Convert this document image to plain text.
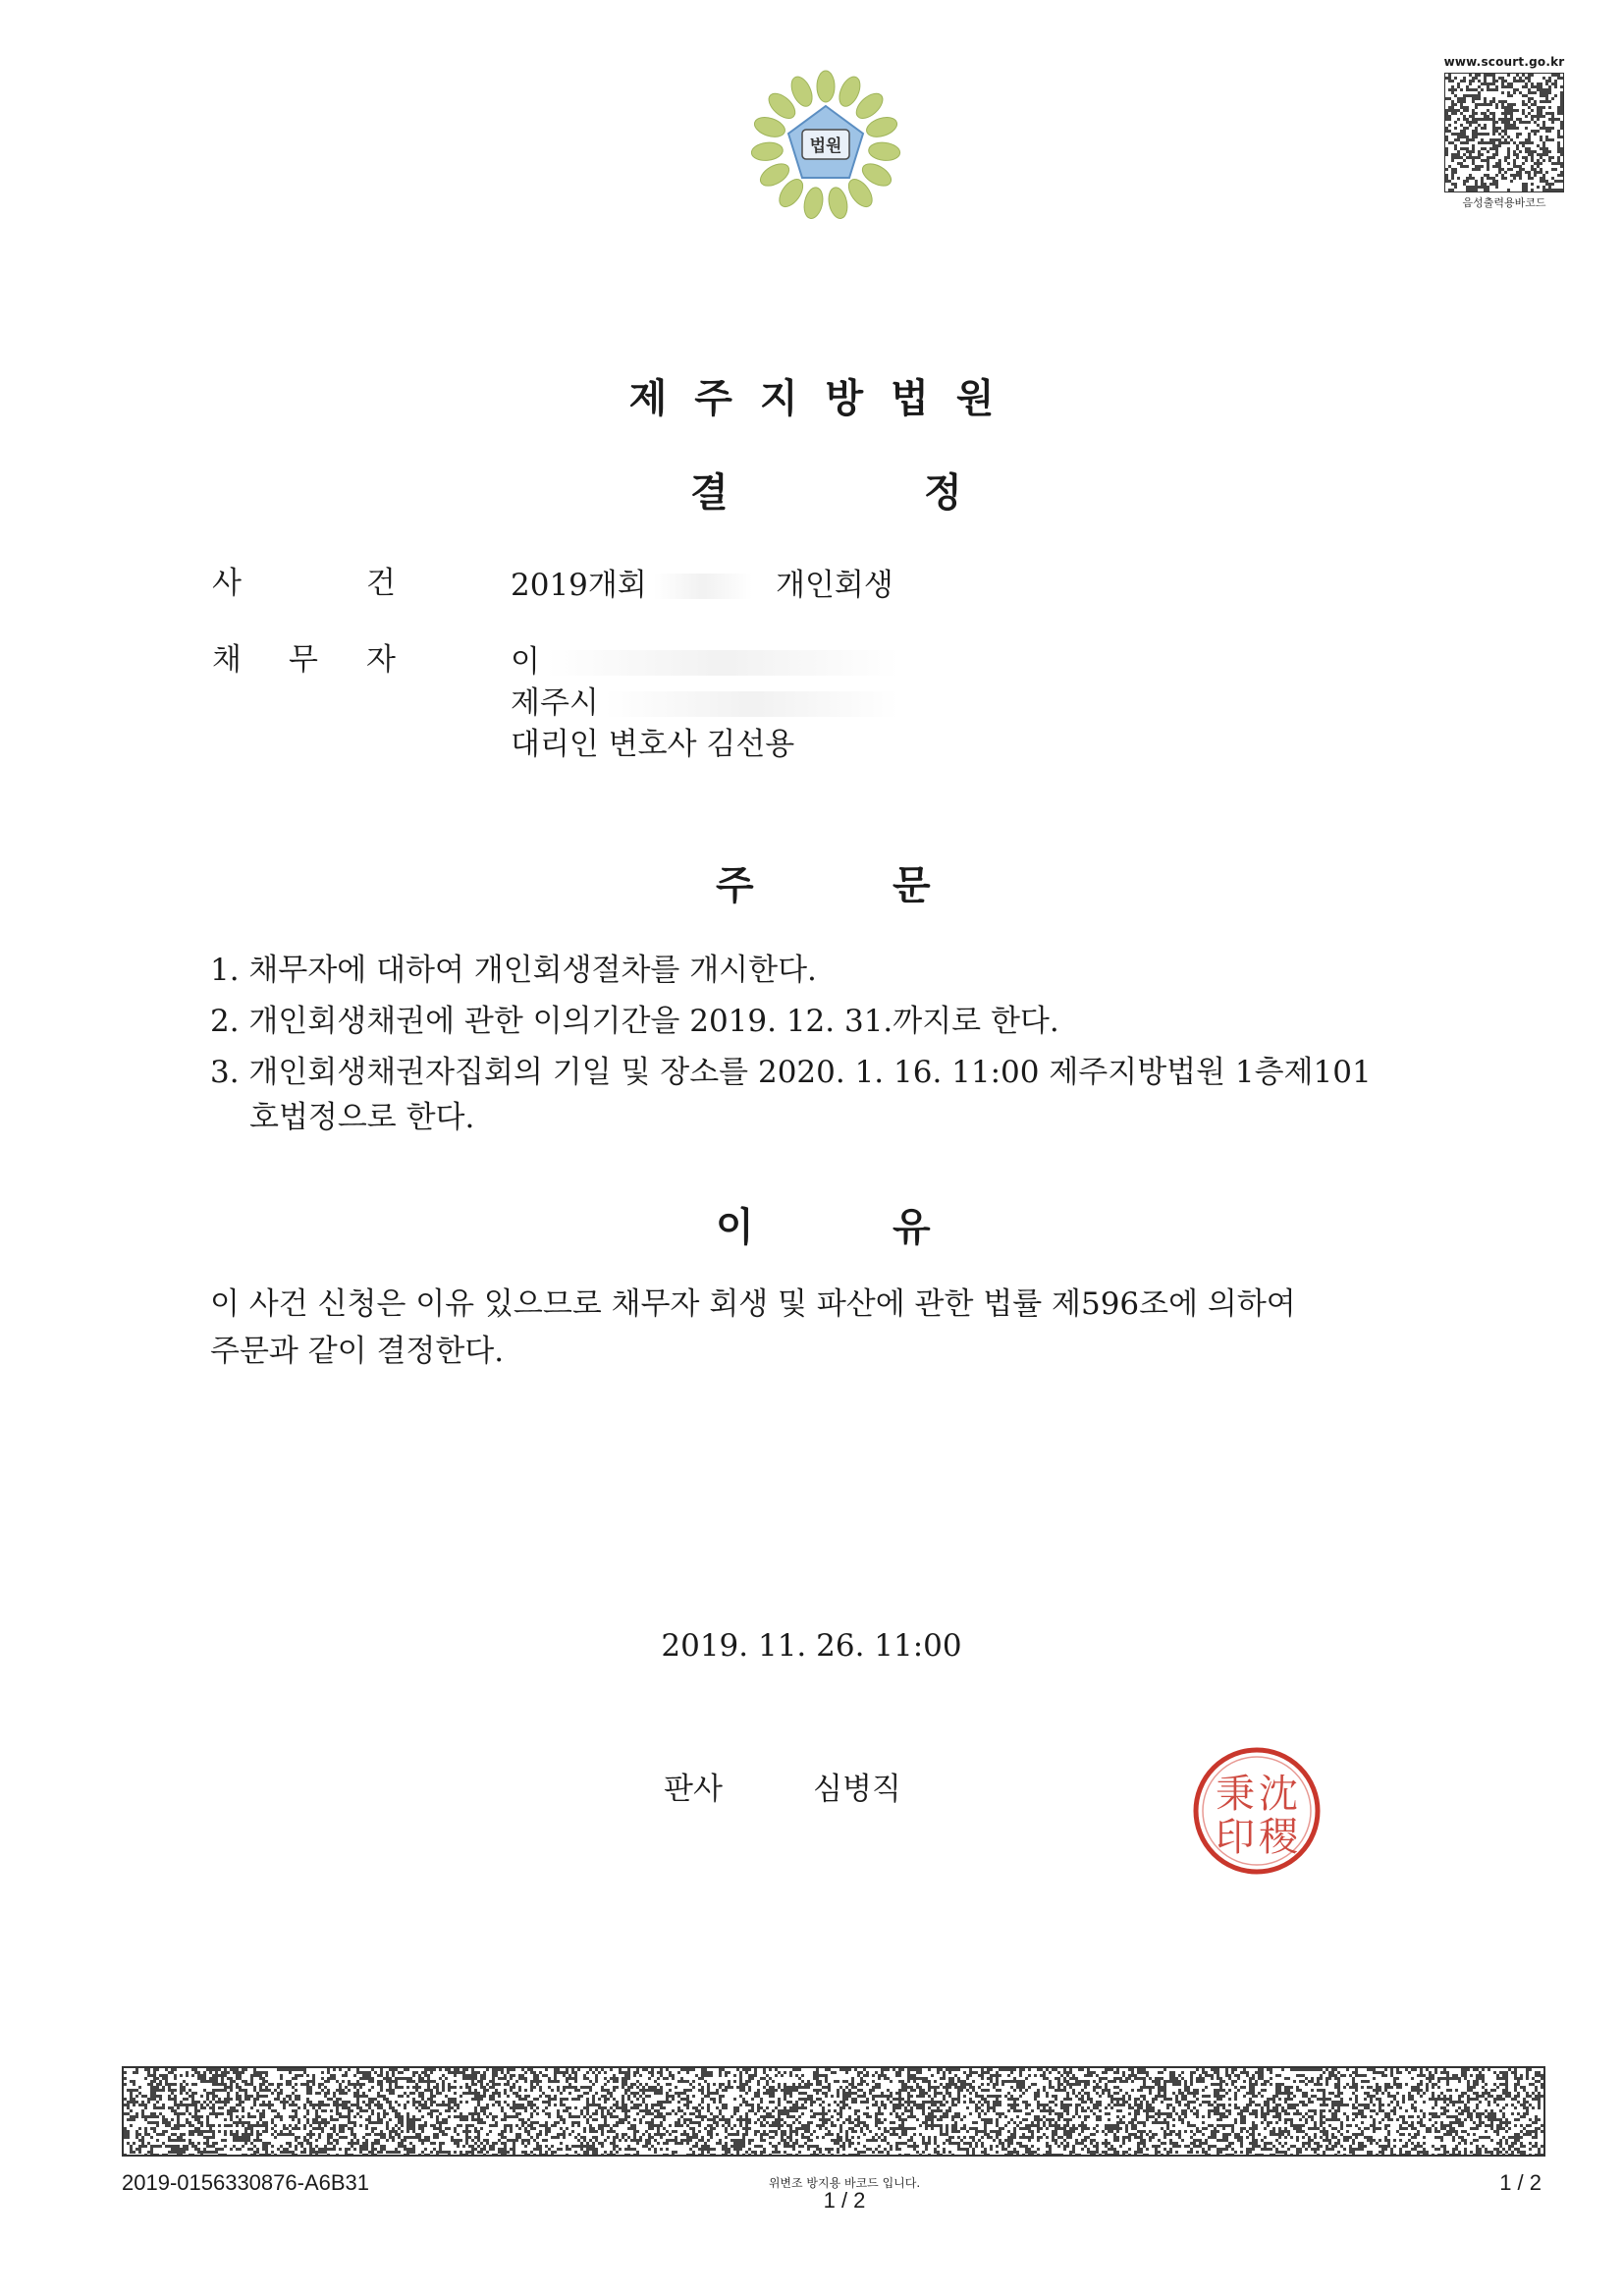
법원
www.scourt.go.kr
음성출력용바코드
제주지방법원
결	정
사	건	2019개회	개인회생
채 무 자	이
제주시
대리인 변호사 김선용
주	문
1. 채무자에 대하여 개인회생절차를 개시한다.
2. 개인회생채권에 관한 이의기간을 2019. 12. 31.까지로 한다.
3. 개인회생채권자집회의 기일 및 장소를 2020. 1. 16. 11:00 제주지방법원 1층제101
호법정으로 한다.
이	유
이 사건 신청은 이유 있으므로 채무자 회생 및 파산에 관한 법률 제596조에 의하여
주문과 같이 결정한다.
2019. 11. 26. 11:00
판사	심병직	沈
秉
稷
印
2019-0156330876-A6B31	위변조 방지용 바코드 입니다.
1 / 2
1 / 2
